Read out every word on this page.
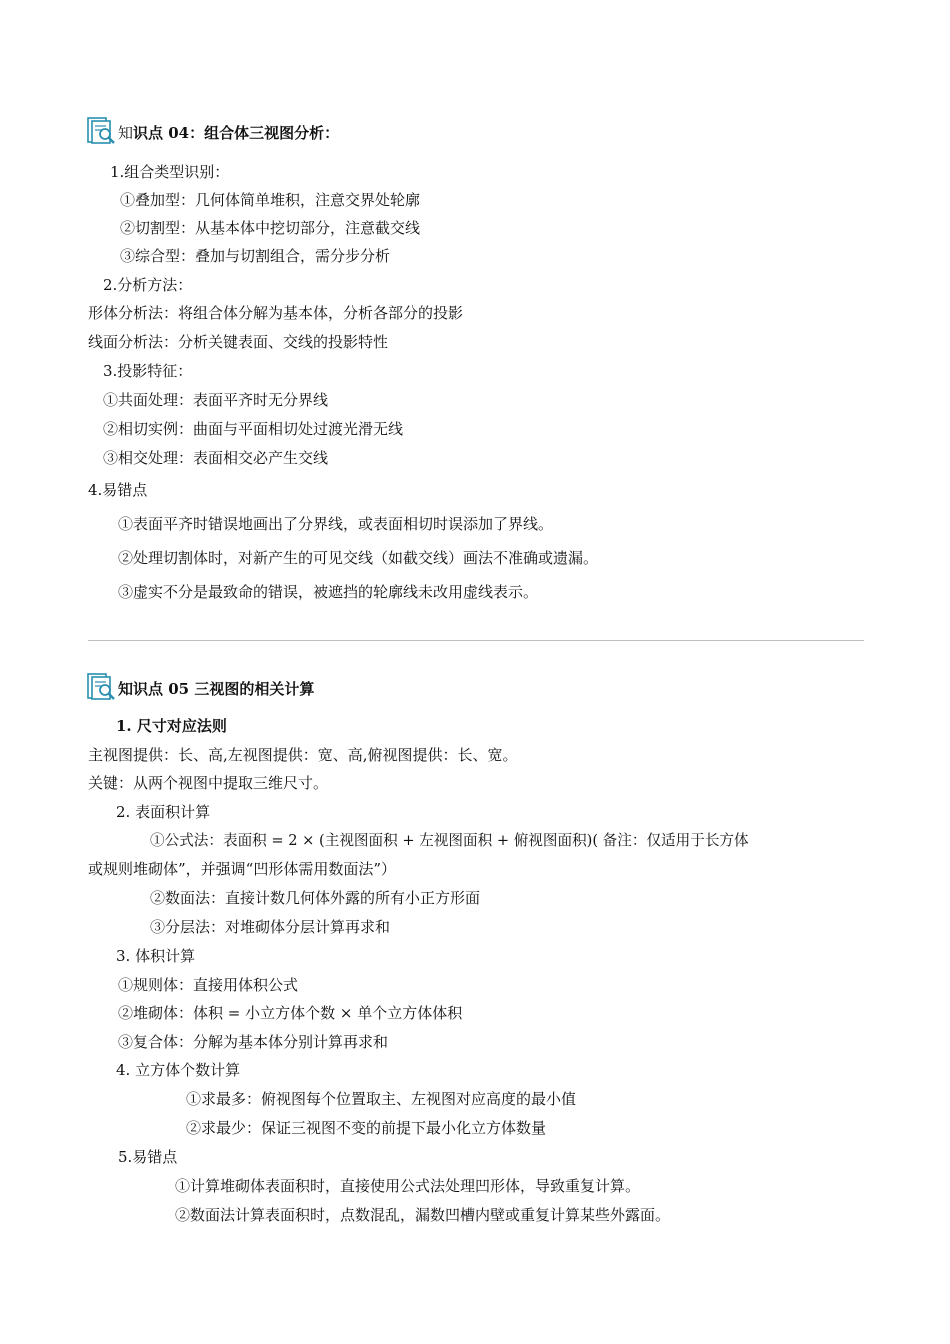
知识点 04：组合体三视图分析：
1.组合类型识别：
①叠加型：几何体简单堆积，注意交界处轮廓
②切割型：从基本体中挖切部分，注意截交线
③综合型：叠加与切割组合，需分步分析
2.分析方法：
形体分析法：将组合体分解为基本体，分析各部分的投影
线面分析法：分析关键表面、交线的投影特性
3.投影特征：
①共面处理：表面平齐时无分界线
②相切实例：曲面与平面相切处过渡光滑无线
③相交处理：表面相交必产生交线
4.易错点
①表面平齐时错误地画出了分界线，或表面相切时误添加了界线。
②处理切割体时，对新产生的可见交线（如截交线）画法不准确或遗漏。
③虚实不分是最致命的错误，被遮挡的轮廓线未改用虚线表示。
知识点 05 三视图的相关计算
1. 尺寸对应法则
主视图提供：长、高,左视图提供：宽、高,俯视图提供：长、宽。
关键：从两个视图中提取三维尺寸。
2. 表面积计算
①公式法：表面积 = 2 × (主视图面积 + 左视图面积 + 俯视图面积)( 备注：仅适用于长方体
或规则堆砌体”，并强调“凹形体需用数面法”）
②数面法：直接计数几何体外露的所有小正方形面
③分层法：对堆砌体分层计算再求和
3. 体积计算
①规则体：直接用体积公式
②堆砌体：体积 = 小立方体个数 × 单个立方体体积
③复合体：分解为基本体分别计算再求和
4. 立方体个数计算
①求最多：俯视图每个位置取主、左视图对应高度的最小值
②求最少：保证三视图不变的前提下最小化立方体数量
5.易错点
①计算堆砌体表面积时，直接使用公式法处理凹形体，导致重复计算。
②数面法计算表面积时，点数混乱，漏数凹槽内壁或重复计算某些外露面。
